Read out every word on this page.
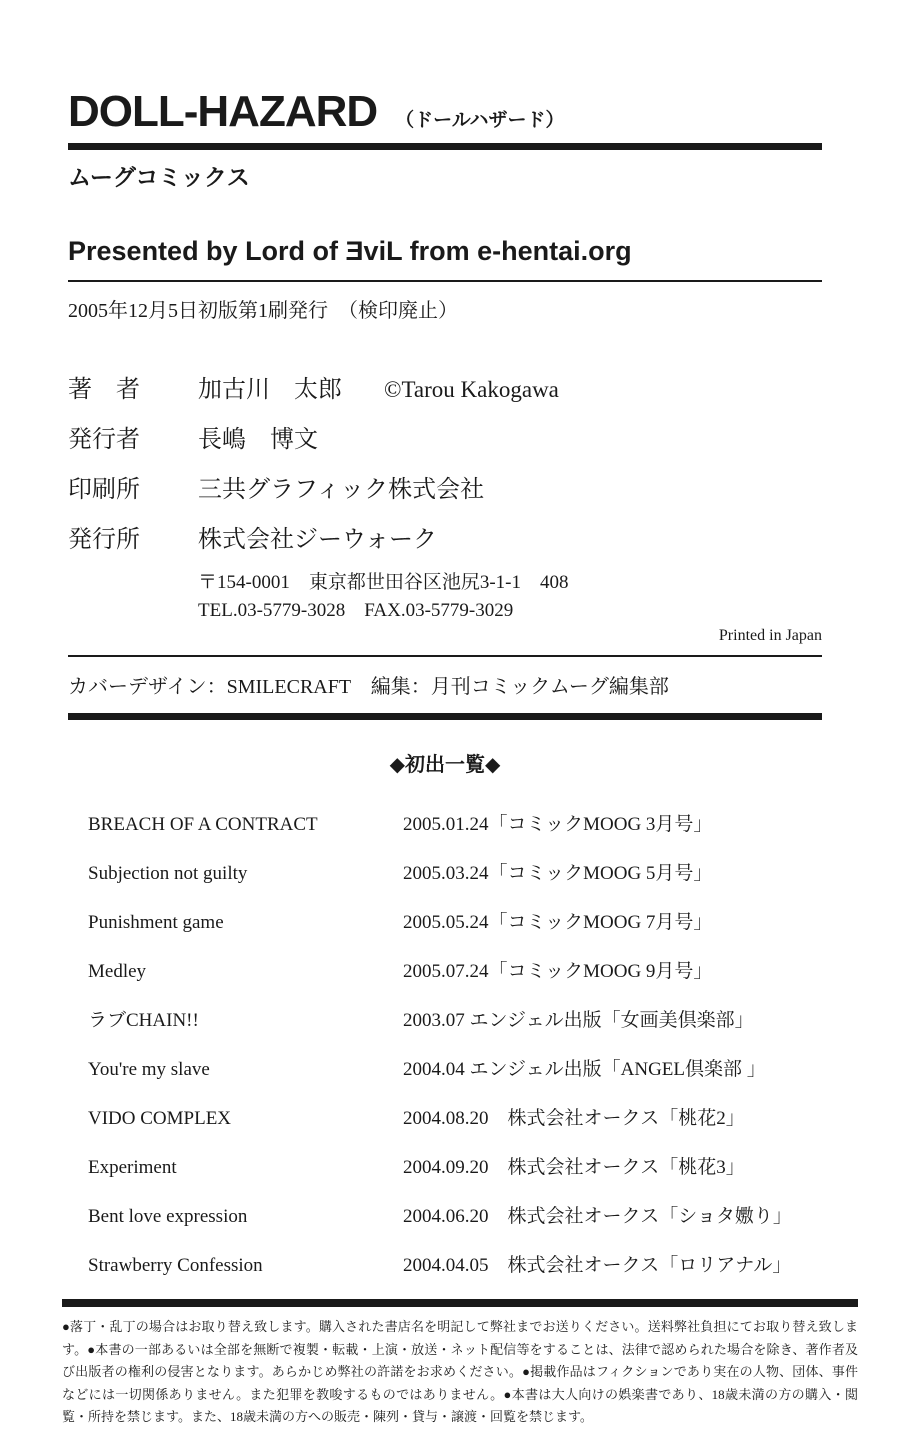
DOLL-HAZARD （ドールハザード）
ムーグコミックス
Presented by Lord of ƎviL from e-hentai.org
2005年12月5日初版第1刷発行　（検印廃止）
著　者	加古川　太郎 ©Tarou Kakogawa
発行者	長嶋　博文
印刷所	三共グラフィック株式会社
発行所	株式会社ジーウォーク
〒154-0001　東京都世田谷区池尻3-1-1　408
TEL.03-5779-3028　FAX.03-5779-3029
Printed in Japan
カバーデザイン：SMILECRAFT　編集：月刊コミックムーグ編集部
◆初出一覧◆
BREACH OF A CONTRACT	2005.01.24「コミックMOOG 3月号」
Subjection not guilty	2005.03.24「コミックMOOG 5月号」
Punishment game	2005.05.24「コミックMOOG 7月号」
Medley	2005.07.24「コミックMOOG 9月号」
ラブCHAIN!!	2003.07 エンジェル出版「女画美倶楽部」
You're my slave	2004.04 エンジェル出版「ANGEL倶楽部 」
VIDO COMPLEX	2004.08.20　株式会社オークス「桃花2」
Experiment	2004.09.20　株式会社オークス「桃花3」
Bent love expression	2004.06.20　株式会社オークス「ショタ嫐り」
Strawberry Confession	2004.04.05　株式会社オークス「ロリアナル」

●落丁・乱丁の場合はお取り替え致します。購入された書店名を明記して弊社までお送りください。送料弊社負担にてお取り替え致します。●本書の一部あるいは全部を無断で複製・転載・上演・放送・ネット配信等をすることは、法律で認められた場合を除き、著作者及び出版者の権利の侵害となります。あらかじめ弊社の許諾をお求めください。●掲載作品はフィクションであり実在の人物、団体、事件などには一切関係ありません。また犯罪を教唆するものではありません。●本書は大人向けの娯楽書であり、18歳未満の方の購入・閲覧・所持を禁じます。また、18歳未満の方への販売・陳列・貸与・譲渡・回覧を禁じます。
